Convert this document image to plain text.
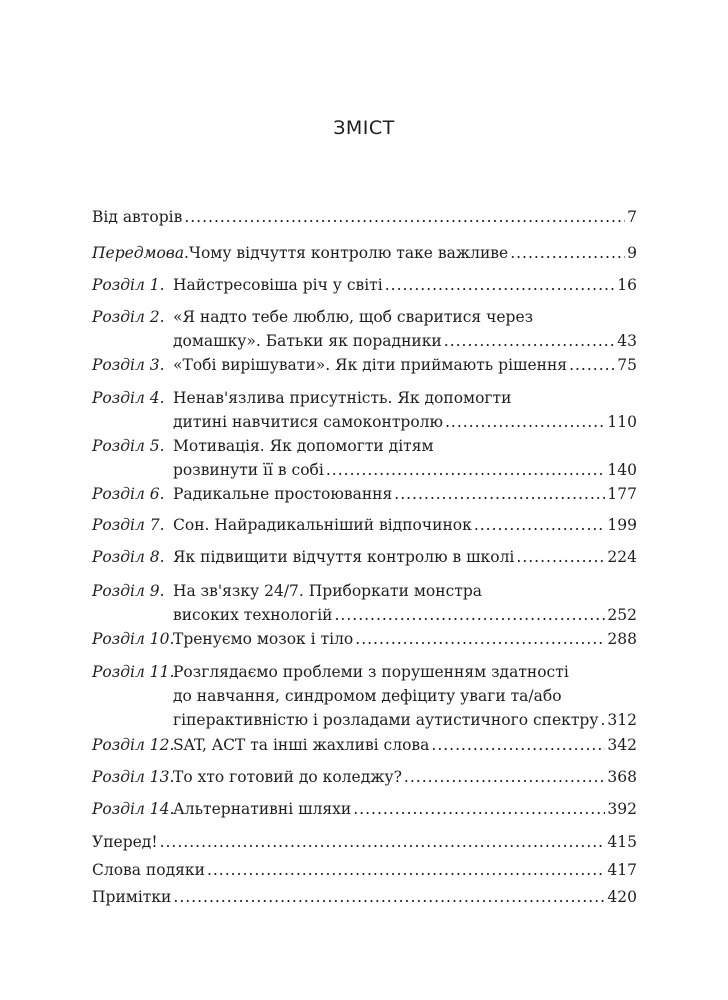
ЗМІСТ
Від авторів .....	7
Передмова. Чому відчуття контролю таке важливе .....	9
Розділ 1. Найстресовіша річ у світі .....	16
Розділ 2. «Я надто тебе люблю, щоб сваритися через
домашку». Батьки як порадники .....	43
Розділ 3. «Тобі вирішувати». Як діти приймають рішення .....	75
Розділ 4. Ненав'язлива присутність. Як допомогти
дитині навчитися самоконтролю .....	110
Розділ 5. Мотивація. Як допомогти дітям
розвинути її в собі .....	140
Розділ 6. Радикальне простоювання .....	177
Розділ 7. Сон. Найрадикальніший відпочинок .....	199
Розділ 8. Як підвищити відчуття контролю в школі .....	224
Розділ 9. На зв'язку 24/7. Приборкати монстра
високих технологій .....	252
Розділ 10.
Тренуємо мозок і тіло .....	288
Розділ 11.
Розглядаємо проблеми з порушенням здатності
до навчання, синдромом дефіциту уваги та/або
гіперактивністю і розладами аутистичного спектру ..... 312
Розділ 12.
SAT, ACT та інші жахливі слова .....	342
Розділ 13.
То хто готовий до коледжу? .....	368
Розділ 14.
Альтернативні шляхи .....	392
Уперед! .....	415
Слова подяки .....	417
Примітки .....	420
